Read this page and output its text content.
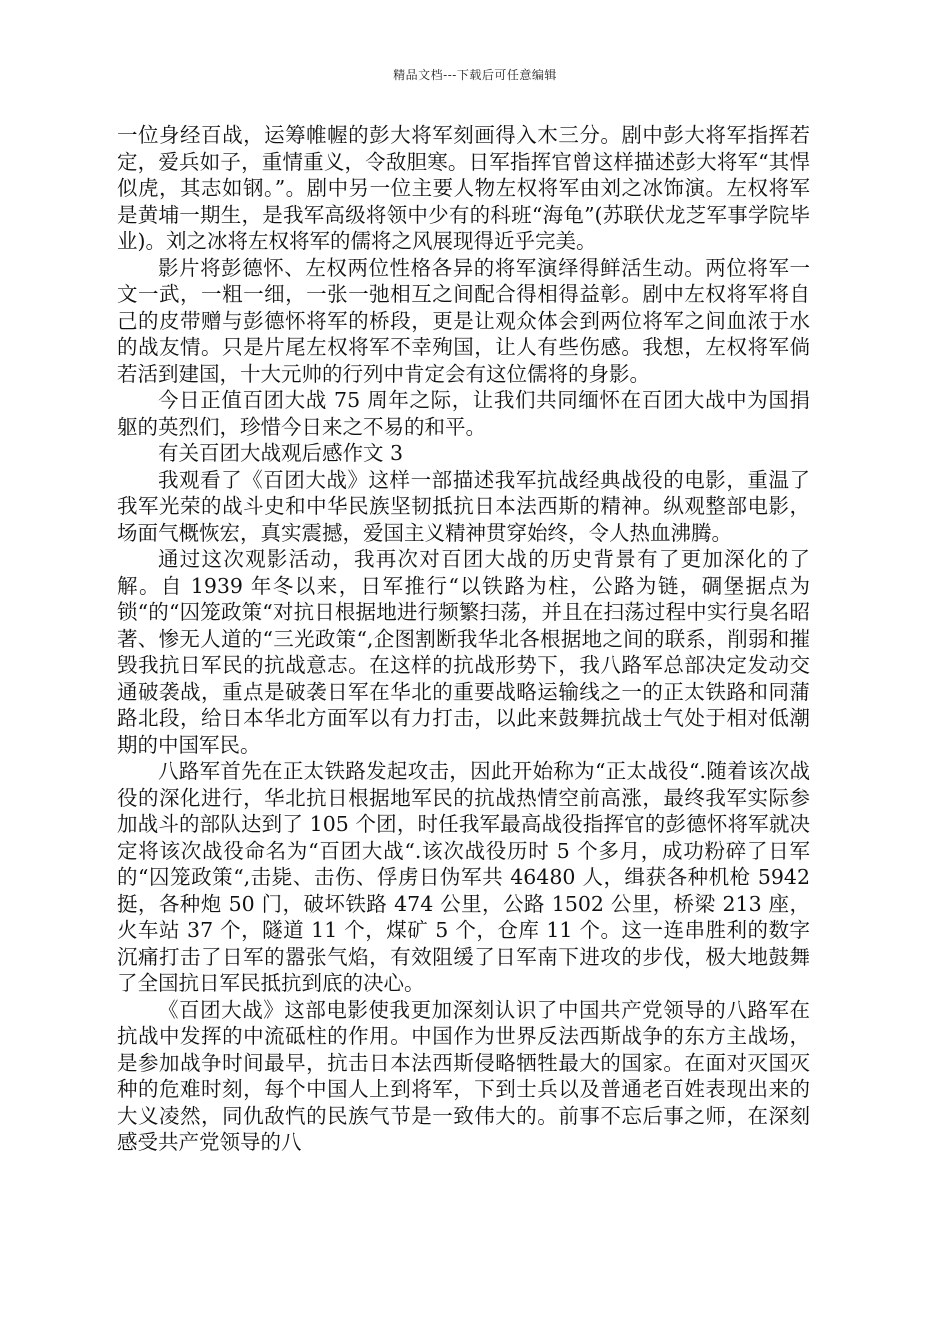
精品文档---下载后可任意编辑

一位身经百战，运筹帷幄的彭大将军刻画得入木三分。剧中彭大将军指挥若定，爱兵如子，重情重义，令敌胆寒。日军指挥官曾这样描述彭大将军“其悍似虎，其志如钢。”。剧中另一位主要人物左权将军由刘之冰饰演。左权将军是黄埔一期生，是我军高级将领中少有的科班“海龟”(苏联伏龙芝军事学院毕业)。刘之冰将左权将军的儒将之风展现得近乎完美。

影片将彭德怀、左权两位性格各异的将军演绎得鲜活生动。两位将军一文一武，一粗一细，一张一弛相互之间配合得相得益彰。剧中左权将军将自己的皮带赠与彭德怀将军的桥段，更是让观众体会到两位将军之间血浓于水的战友情。只是片尾左权将军不幸殉国，让人有些伤感。我想，左权将军倘若活到建国，十大元帅的行列中肯定会有这位儒将的身影。

今日正值百团大战 75 周年之际，让我们共同缅怀在百团大战中为国捐躯的英烈们，珍惜今日来之不易的和平。

有关百团大战观后感作文 3

我观看了《百团大战》这样一部描述我军抗战经典战役的电影，重温了我军光荣的战斗史和中华民族坚韧抵抗日本法西斯的精神。纵观整部电影，场面气概恢宏，真实震撼，爱国主义精神贯穿始终，令人热血沸腾。

通过这次观影活动，我再次对百团大战的历史背景有了更加深化的了解。自 1939 年冬以来，日军推行“以铁路为柱，公路为链，碉堡据点为锁“的“囚笼政策“对抗日根据地进行频繁扫荡，并且在扫荡过程中实行臭名昭著、惨无人道的“三光政策“,企图割断我华北各根据地之间的联系，削弱和摧毁我抗日军民的抗战意志。在这样的抗战形势下，我八路军总部决定发动交通破袭战，重点是破袭日军在华北的重要战略运输线之一的正太铁路和同蒲路北段，给日本华北方面军以有力打击，以此来鼓舞抗战士气处于相对低潮期的中国军民。

八路军首先在正太铁路发起攻击，因此开始称为“正太战役“.随着该次战役的深化进行，华北抗日根据地军民的抗战热情空前高涨，最终我军实际参加战斗的部队达到了 105 个团，时任我军最高战役指挥官的彭德怀将军就决定将该次战役命名为“百团大战“.该次战役历时 5 个多月，成功粉碎了日军的“囚笼政策“,击毙、击伤、俘虏日伪军共 46480 人，缉获各种机枪 5942 挺，各种炮 50 门，破坏铁路 474 公里，公路 1502 公里，桥梁 213 座，火车站 37 个，隧道 11 个，煤矿 5 个，仓库 11 个。这一连串胜利的数字沉痛打击了日军的嚣张气焰，有效阻缓了日军南下进攻的步伐，极大地鼓舞了全国抗日军民抵抗到底的决心。

《百团大战》这部电影使我更加深刻认识了中国共产党领导的八路军在抗战中发挥的中流砥柱的作用。中国作为世界反法西斯战争的东方主战场，是参加战争时间最早，抗击日本法西斯侵略牺牲最大的国家。在面对灭国灭种的危难时刻，每个中国人上到将军，下到士兵以及普通老百姓表现出来的大义凌然，同仇敌忾的民族气节是一致伟大的。前事不忘后事之师，在深刻感受共产党领导的八
